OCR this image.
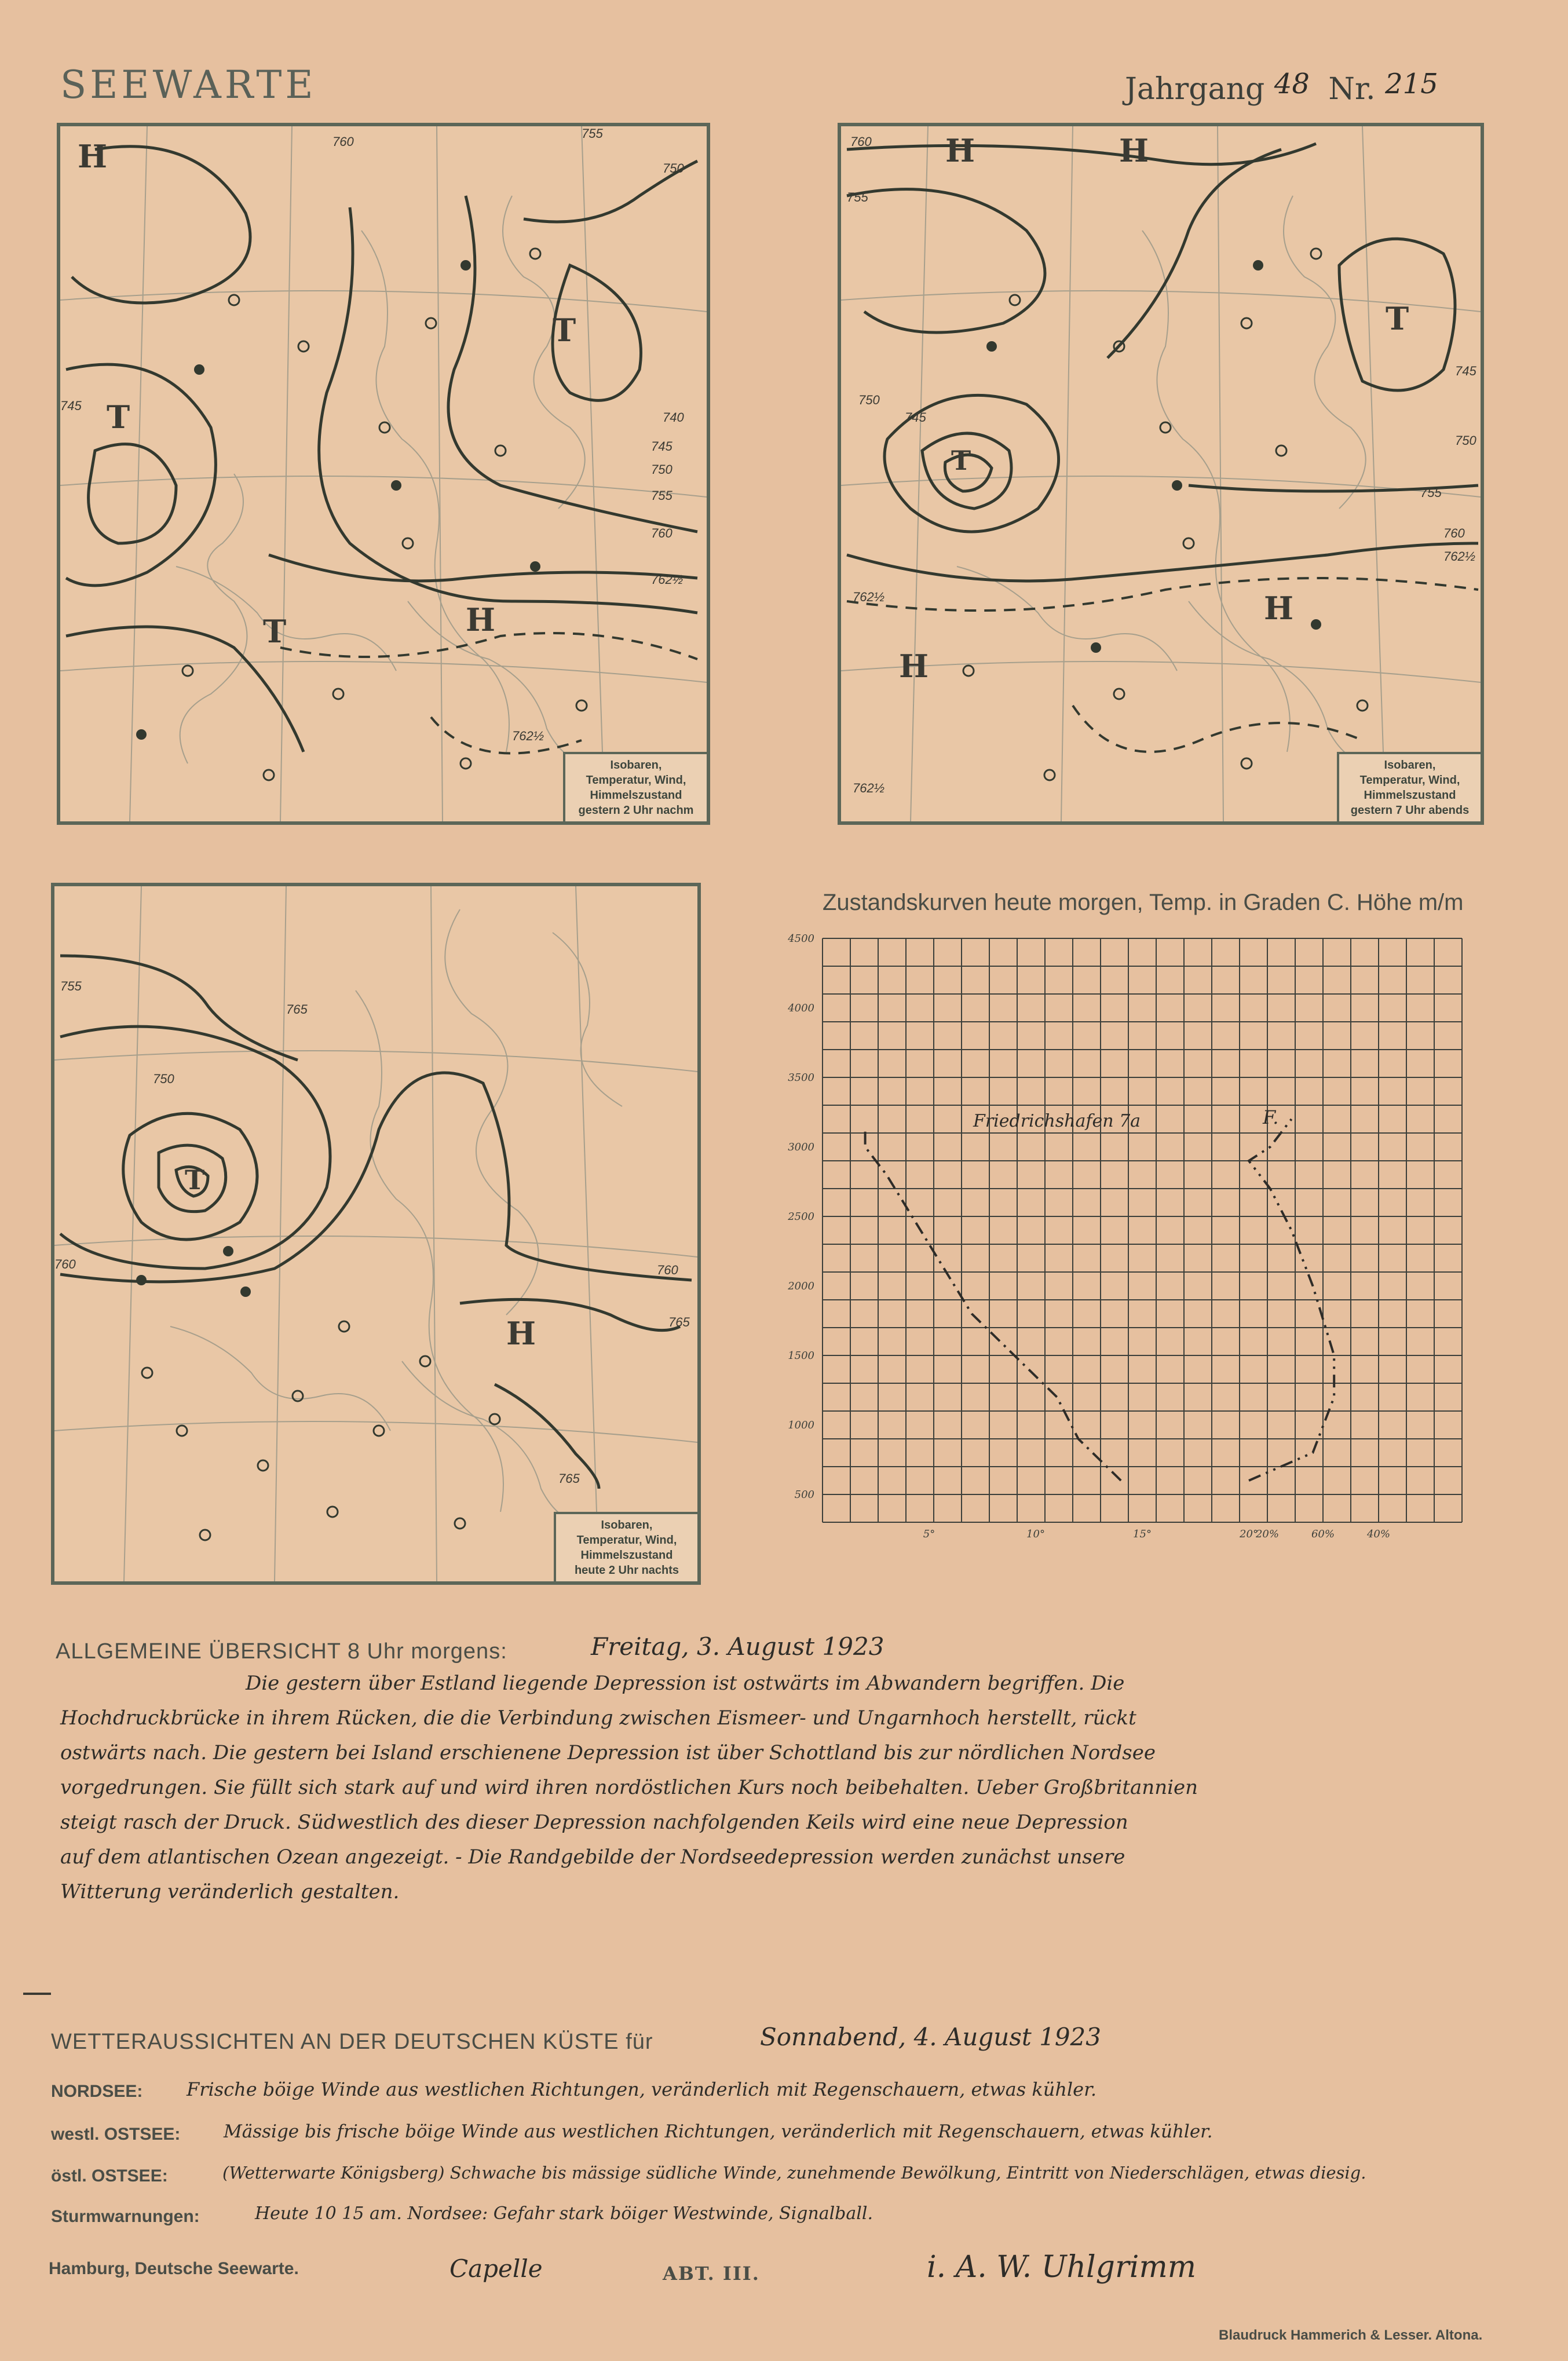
SEEWARTE	Jahrgang 48 Nr. 215
760
755
750
745
740
745
750
755
760
762½
762½
H
T
T
T	H
Isobaren,
Temperatur, Wind,
Himmelszustand
gestern 2 Uhr nachm
760
755
750
745
745
750
755
760
762½
762½
762½
H	H
T
T
H
H
Isobaren,
Temperatur, Wind,
Himmelszustand
gestern 7 Uhr abends
755
750
760	760
765
765
765
T
H
Isobaren,
Temperatur, Wind,
Himmelszustand
heute 2 Uhr nachts
Zustandskurven heute morgen, Temp. in Graden C. Höhe m/m
500
1000
1500
2000
2500
3000
3500
4000
4500
5°	10°	15°	20°
20%	60%	40%
Friedrichshafen 7a	F.
ALLGEMEINE ÜBERSICHT 8 Uhr morgens:	Freitag, 3. August 1923
Die gestern über Estland liegende Depression ist ostwärts im Abwandern begriffen. Die
Hochdruckbrücke in ihrem Rücken, die die Verbindung zwischen Eismeer- und Ungarnhoch herstellt, rückt
ostwärts nach. Die gestern bei Island erschienene Depression ist über Schottland bis zur nördlichen Nordsee
vorgedrungen. Sie füllt sich stark auf und wird ihren nordöstlichen Kurs noch beibehalten. Ueber Großbritannien
steigt rasch der Druck. Südwestlich des dieser Depression nachfolgenden Keils wird eine neue Depression
auf dem atlantischen Ozean angezeigt. - Die Randgebilde der Nordseedepression werden zunächst unsere
Witterung veränderlich gestalten.
WETTERAUSSICHTEN AN DER DEUTSCHEN KÜSTE für	Sonnabend, 4. August 1923
NORDSEE: Frische böige Winde aus westlichen Richtungen, veränderlich mit Regenschauern, etwas kühler.
westl. OSTSEE: Mässige bis frische böige Winde aus westlichen Richtungen, veränderlich mit Regenschauern, etwas kühler.
östl. OSTSEE:	(Wetterwarte Königsberg) Schwache bis mässige südliche Winde, zunehmende Bewölkung, Eintritt von Niederschlägen, etwas diesig.
Sturmwarnungen:	Heute 10 15 am. Nordsee: Gefahr stark böiger Westwinde, Signalball.
Hamburg, Deutsche Seewarte.	Capelle	ABT. III.	i. A. W. Uhlgrimm
Blaudruck Hammerich & Lesser. Altona.
